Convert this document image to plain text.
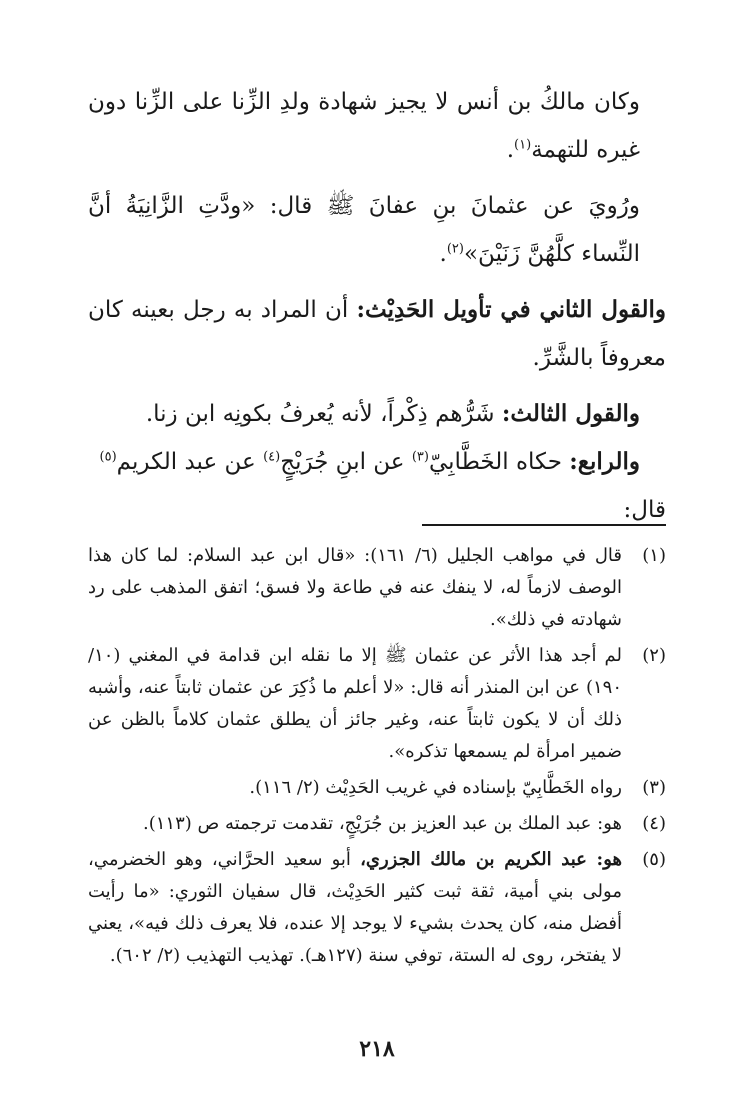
وكان مالكُ بن أنس لا يجيز شهادة ولدِ الزِّنا على الزِّنا دون غيره للتهمة$^{(١)}$.

ورُويَ عن عثمانَ بنِ عفانَ ﷺ قال: «ودَّتِ الزَّانِيَةُ أنَّ النِّساء كلَّهُنَّ زَنَيْنَ»$^{(٢)}$.

والقول الثاني في تأويل الحَدِيْث: أن المراد به رجل بعينه كان معروفاً بالشَّرِّ.

والقول الثالث: شَرُّهم ذِكْراً، لأنه يُعرفُ بكونِه ابن زنا.

والرابع: حكاه الخَطَّابِيّ$^{(٣)}$ عن ابنِ جُرَيْجٍ$^{(٤)}$ عن عبد الكريم$^{(٥)}$

قال:

(١)
قال في مواهب الجليل (٦/ ١٦١): «قال ابن عبد السلام: لما كان هذا الوصف لازماً له، لا ينفك عنه في طاعة ولا فسق؛ اتفق المذهب على رد شهادته في ذلك».
(٢)
لم أجد هذا الأثر عن عثمان ﷺ إلا ما نقله ابن قدامة في المغني (١٠/ ١٩٠) عن ابن المنذر أنه قال: «لا أعلم ما ذُكِرَ عن عثمان ثابتاً عنه، وأشبه ذلك أن لا يكون ثابتاً عنه، وغير جائز أن يطلق عثمان كلاماً بالظن عن ضمير امرأة لم يسمعها تذكره».
(٣)
رواه الخَطَّابِيّ بإسناده في غريب الحَدِيْث (٢/ ١١٦).
(٤)
هو: عبد الملك بن عبد العزيز بن جُرَيْجٍ، تقدمت ترجمته ص (١١٣).
(٥)
هو: عبد الكريم بن مالك الجزري، أبو سعيد الحرَّاني، وهو الخضرمي، مولى بني أمية، ثقة ثبت كثير الحَدِيْث، قال سفيان الثوري: «ما رأيت أفضل منه، كان يحدث بشيء لا يوجد إلا عنده، فلا يعرف ذلك فيه»، يعني لا يفتخر، روى له الستة، توفي سنة (١٢٧هـ). تهذيب التهذيب (٢/ ٦٠٢).
٢١٨
